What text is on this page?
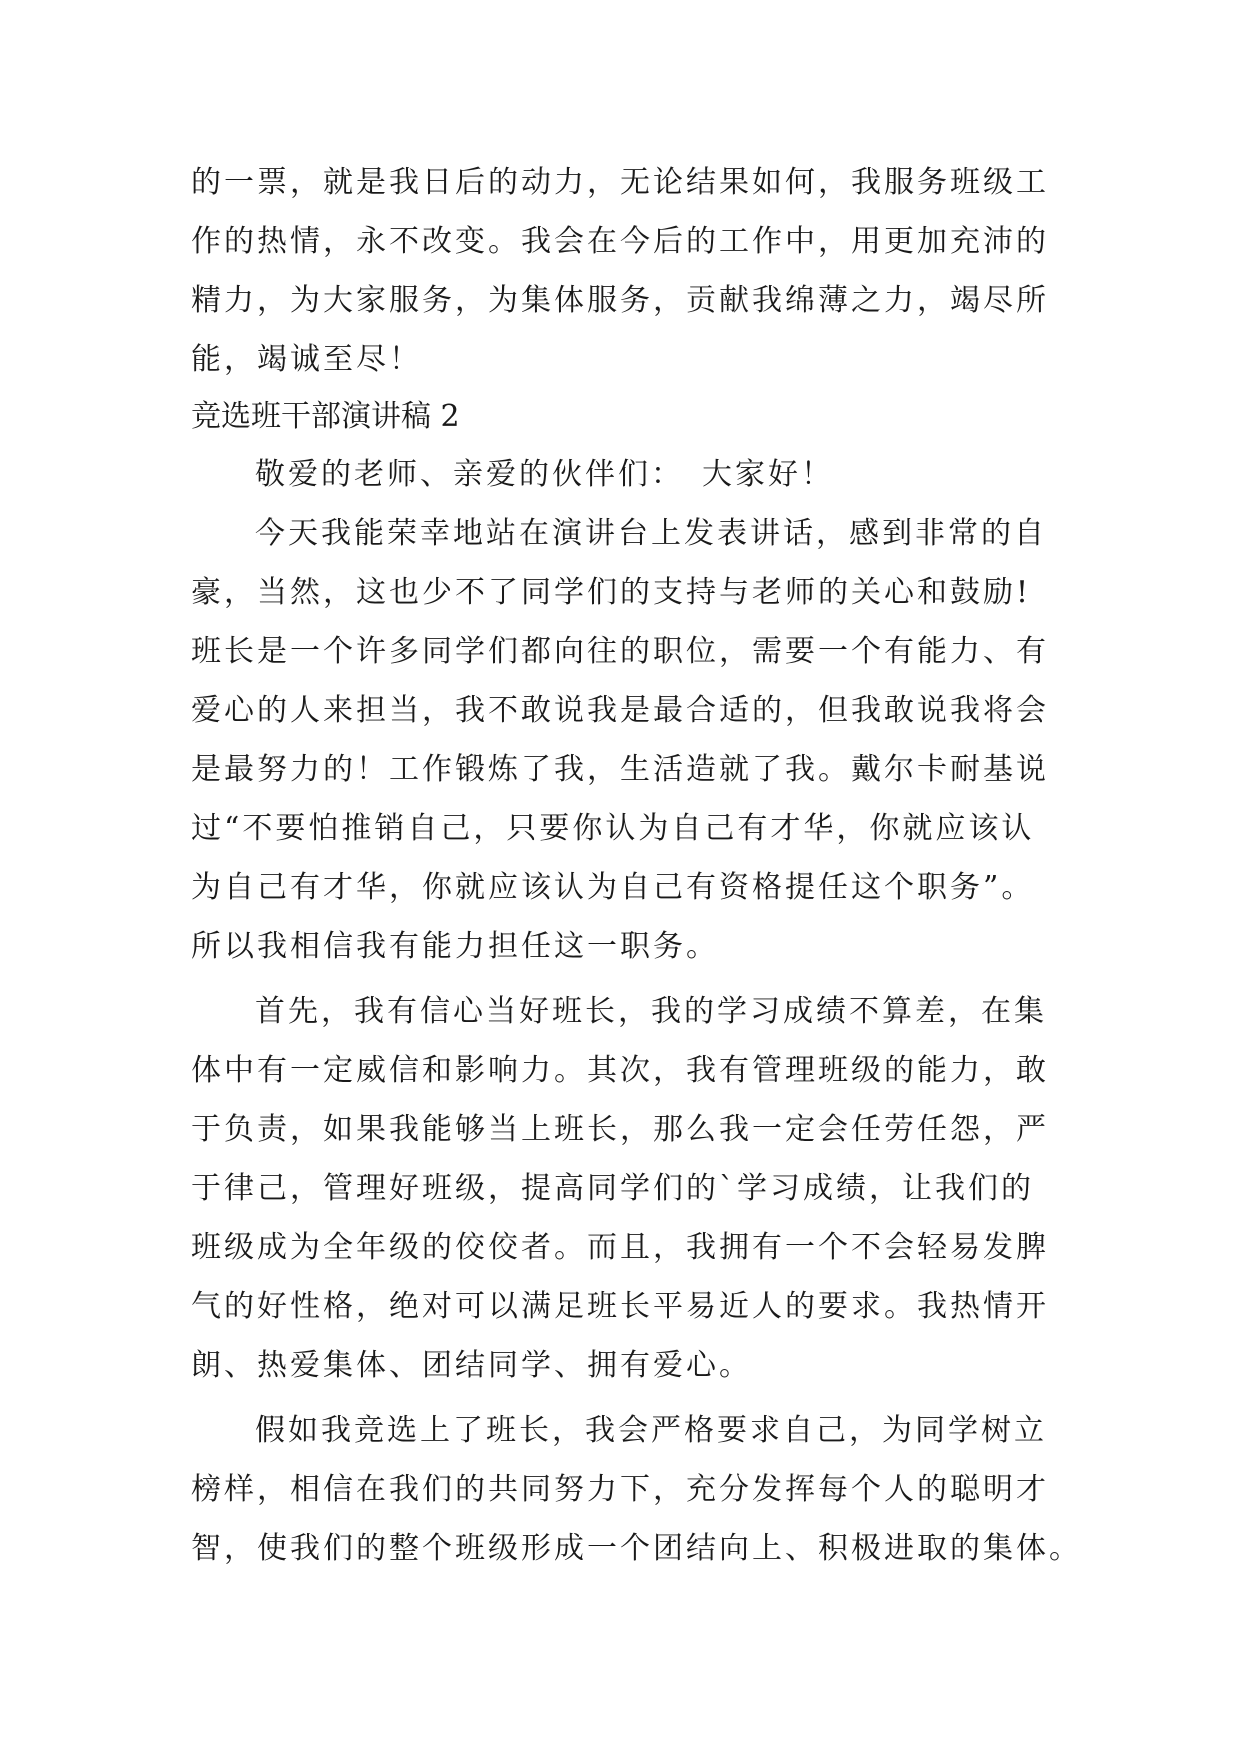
的一票，就是我日后的动力，无论结果如何，我服务班级工
作的热情，永不改变。我会在今后的工作中，用更加充沛的
精力，为大家服务，为集体服务，贡献我绵薄之力，竭尽所
能，竭诚至尽！
竞选班干部演讲稿 2
敬爱的老师、亲爱的伙伴们：　大家好！
今天我能荣幸地站在演讲台上发表讲话，感到非常的自
豪，当然，这也少不了同学们的支持与老师的关心和鼓励!
班长是一个许多同学们都向往的职位，需要一个有能力、有
爱心的人来担当，我不敢说我是最合适的，但我敢说我将会
是最努力的！工作锻炼了我，生活造就了我。戴尔卡耐基说
过“不要怕推销自己，只要你认为自己有才华，你就应该认
为自己有才华，你就应该认为自己有资格提任这个职务”。
所以我相信我有能力担任这一职务。
首先，我有信心当好班长，我的学习成绩不算差，在集
体中有一定威信和影响力。其次，我有管理班级的能力，敢
于负责，如果我能够当上班长，那么我一定会任劳任怨，严
于律己，管理好班级，提高同学们的`学习成绩，让我们的
班级成为全年级的佼佼者。而且，我拥有一个不会轻易发脾
气的好性格，绝对可以满足班长平易近人的要求。我热情开
朗、热爱集体、团结同学、拥有爱心。
假如我竞选上了班长，我会严格要求自己，为同学树立
榜样，相信在我们的共同努力下，充分发挥每个人的聪明才
智，使我们的整个班级形成一个团结向上、积极进取的集体。
